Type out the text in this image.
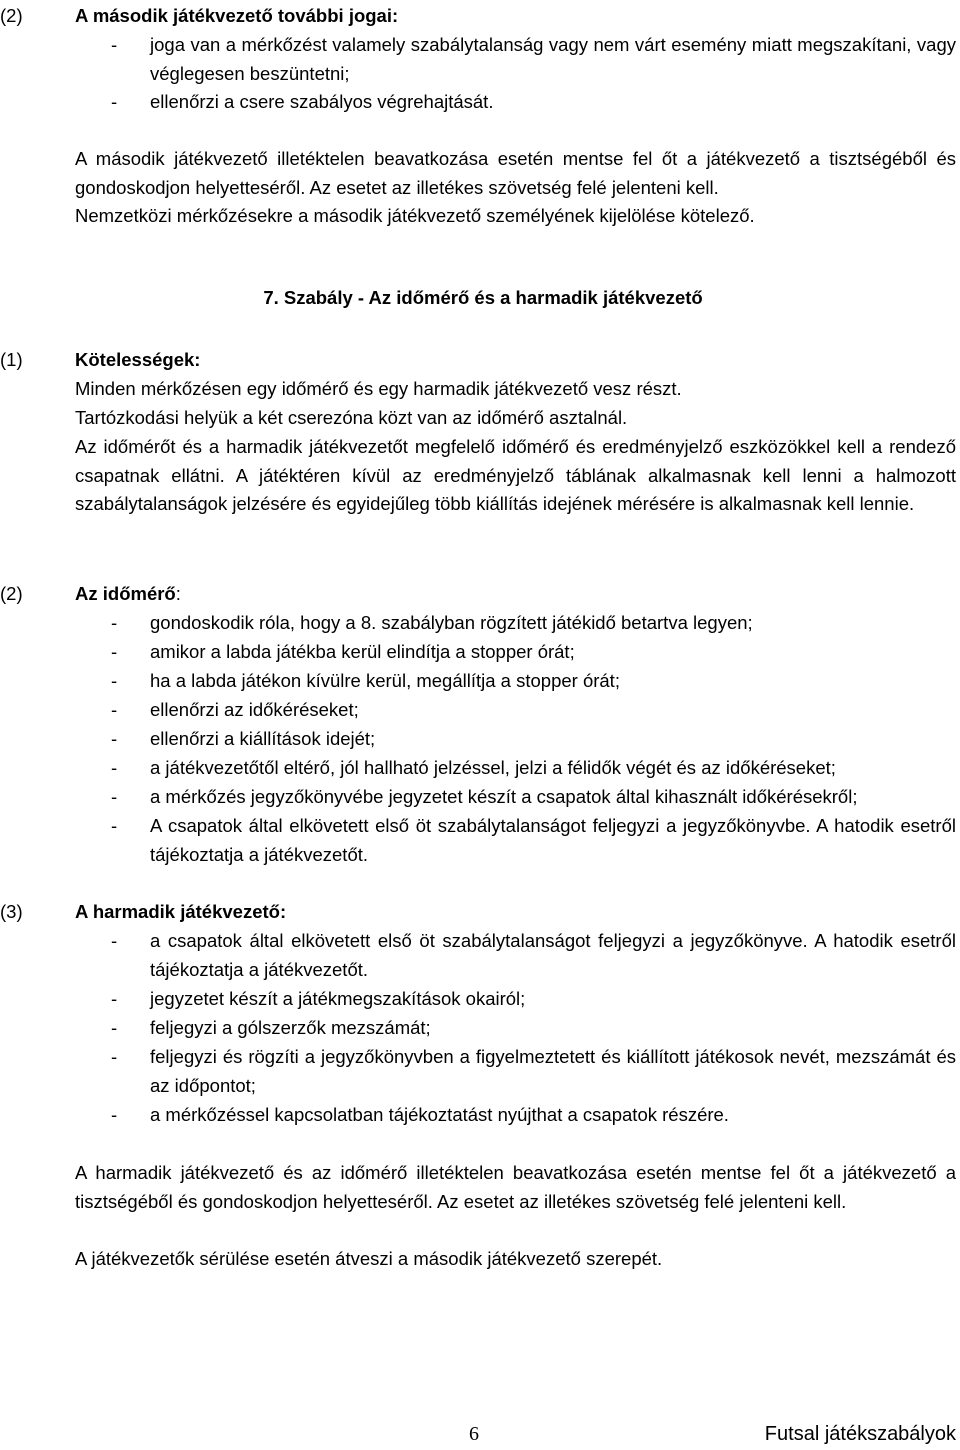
(2)	A második játékvezető további jogai:
- joga van a mérkőzést valamely szabálytalanság vagy nem várt esemény miatt megszakítani, vagy véglegesen beszüntetni;
- ellenőrzi a csere szabályos végrehajtását.
A második játékvezető illetéktelen beavatkozása esetén mentse fel őt a játékvezető a tisztségéből és gondoskodjon helyetteséről. Az esetet az illetékes szövetség felé jelenteni kell.
Nemzetközi mérkőzésekre a második játékvezető személyének kijelölése kötelező.
7. Szabály - Az időmérő és a harmadik játékvezető
(1)	Kötelességek:
Minden mérkőzésen egy időmérő és egy harmadik játékvezető vesz részt.
Tartózkodási helyük a két cserezóna közt van az időmérő asztalnál.
Az időmérőt és a harmadik játékvezetőt megfelelő időmérő és eredményjelző eszközökkel kell a rendező csapatnak ellátni. A játéktéren kívül az eredményjelző táblának alkalmasnak kell lenni a halmozott szabálytalanságok jelzésére és egyidejűleg több kiállítás idejének mérésére is alkalmasnak kell lennie.
(2)	Az időmérő:
- gondoskodik róla, hogy a 8. szabályban rögzített játékidő betartva legyen;
- amikor a labda játékba kerül elindítja a stopper órát;
- ha a labda játékon kívülre kerül, megállítja a stopper órát;
- ellenőrzi az időkéréseket;
- ellenőrzi a kiállítások idejét;
- a játékvezetőtől eltérő, jól hallható jelzéssel, jelzi a félidők végét és az időkéréseket;
- a mérkőzés jegyzőkönyvébe jegyzetet készít a csapatok által kihasznált időkérésekről;
- A csapatok által elkövetett első öt szabálytalanságot feljegyzi a jegyzőkönyvbe. A hatodik esetről tájékoztatja a játékvezetőt.
(3)	A harmadik játékvezető:
- a csapatok által elkövetett első öt szabálytalanságot feljegyzi a jegyzőkönyve. A hatodik esetről tájékoztatja a játékvezetőt.
- jegyzetet készít a játékmegszakítások okairól;
- feljegyzi a gólszerzők mezszámát;
- feljegyzi és rögzíti a jegyzőkönyvben a figyelmeztetett és kiállított játékosok nevét, mezszámát és az időpontot;
- a mérkőzéssel kapcsolatban tájékoztatást nyújthat a csapatok részére.
A harmadik játékvezető és az időmérő illetéktelen beavatkozása esetén mentse fel őt a játékvezető a tisztségéből és gondoskodjon helyetteséről. Az esetet az illetékes szövetség felé jelenteni kell.
A játékvezetők sérülése esetén átveszi a második játékvezető szerepét.
6	Futsal játékszabályok
